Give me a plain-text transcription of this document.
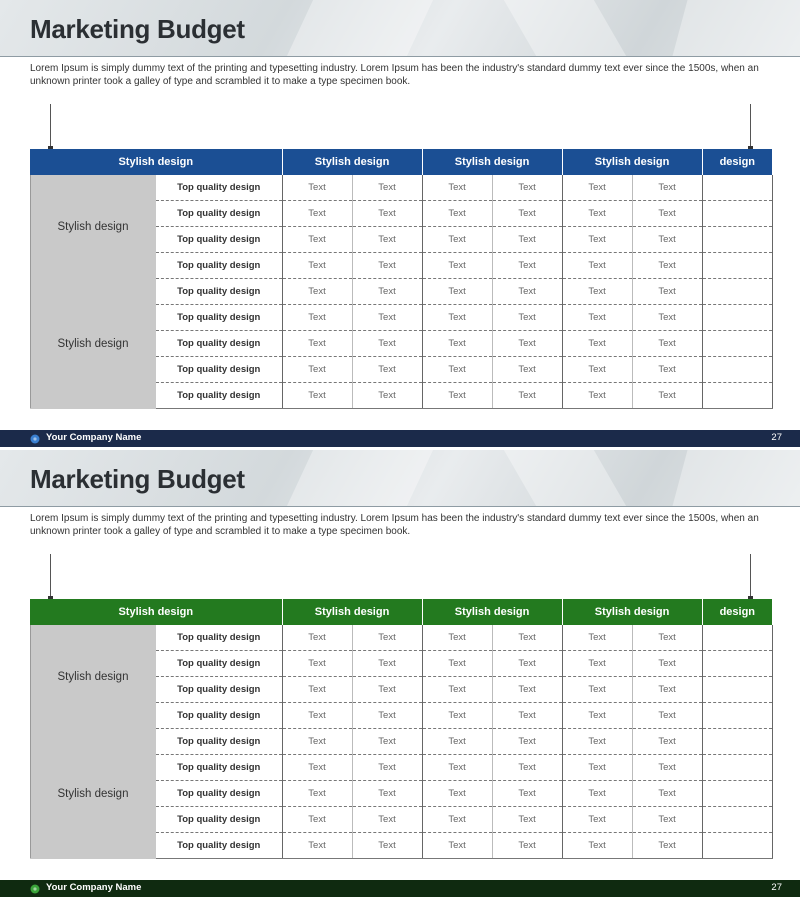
Marketing Budget
Lorem Ipsum is simply dummy text of the printing and typesetting industry. Lorem Ipsum has been the industry's standard dummy text ever since the 1500s, when an unknown printer took a galley of type and scrambled it to make a type specimen book.
Stylish design		Stylish design		Stylish design		Stylish design		design
Stylish design	Top quality design	Text	Text	Text	Text	Text	Text	
	Top quality design	Text	Text	Text	Text	Text	Text	
	Top quality design	Text	Text	Text	Text	Text	Text	
	Top quality design	Text	Text	Text	Text	Text	Text	
Stylish design	Top quality design	Text	Text	Text	Text	Text	Text	
	Top quality design	Text	Text	Text	Text	Text	Text	
	Top quality design	Text	Text	Text	Text	Text	Text	
	Top quality design	Text	Text	Text	Text	Text	Text	
	Top quality design	Text	Text	Text	Text	Text	Text	
Your Company Name	27
Marketing Budget
Lorem Ipsum is simply dummy text of the printing and typesetting industry. Lorem Ipsum has been the industry's standard dummy text ever since the 1500s, when an unknown printer took a galley of type and scrambled it to make a type specimen book.
Stylish design		Stylish design		Stylish design		Stylish design		design
Stylish design	Top quality design	Text	Text	Text	Text	Text	Text	
	Top quality design	Text	Text	Text	Text	Text	Text	
	Top quality design	Text	Text	Text	Text	Text	Text	
	Top quality design	Text	Text	Text	Text	Text	Text	
Stylish design	Top quality design	Text	Text	Text	Text	Text	Text	
	Top quality design	Text	Text	Text	Text	Text	Text	
	Top quality design	Text	Text	Text	Text	Text	Text	
	Top quality design	Text	Text	Text	Text	Text	Text	
	Top quality design	Text	Text	Text	Text	Text	Text	
Your Company Name	27
